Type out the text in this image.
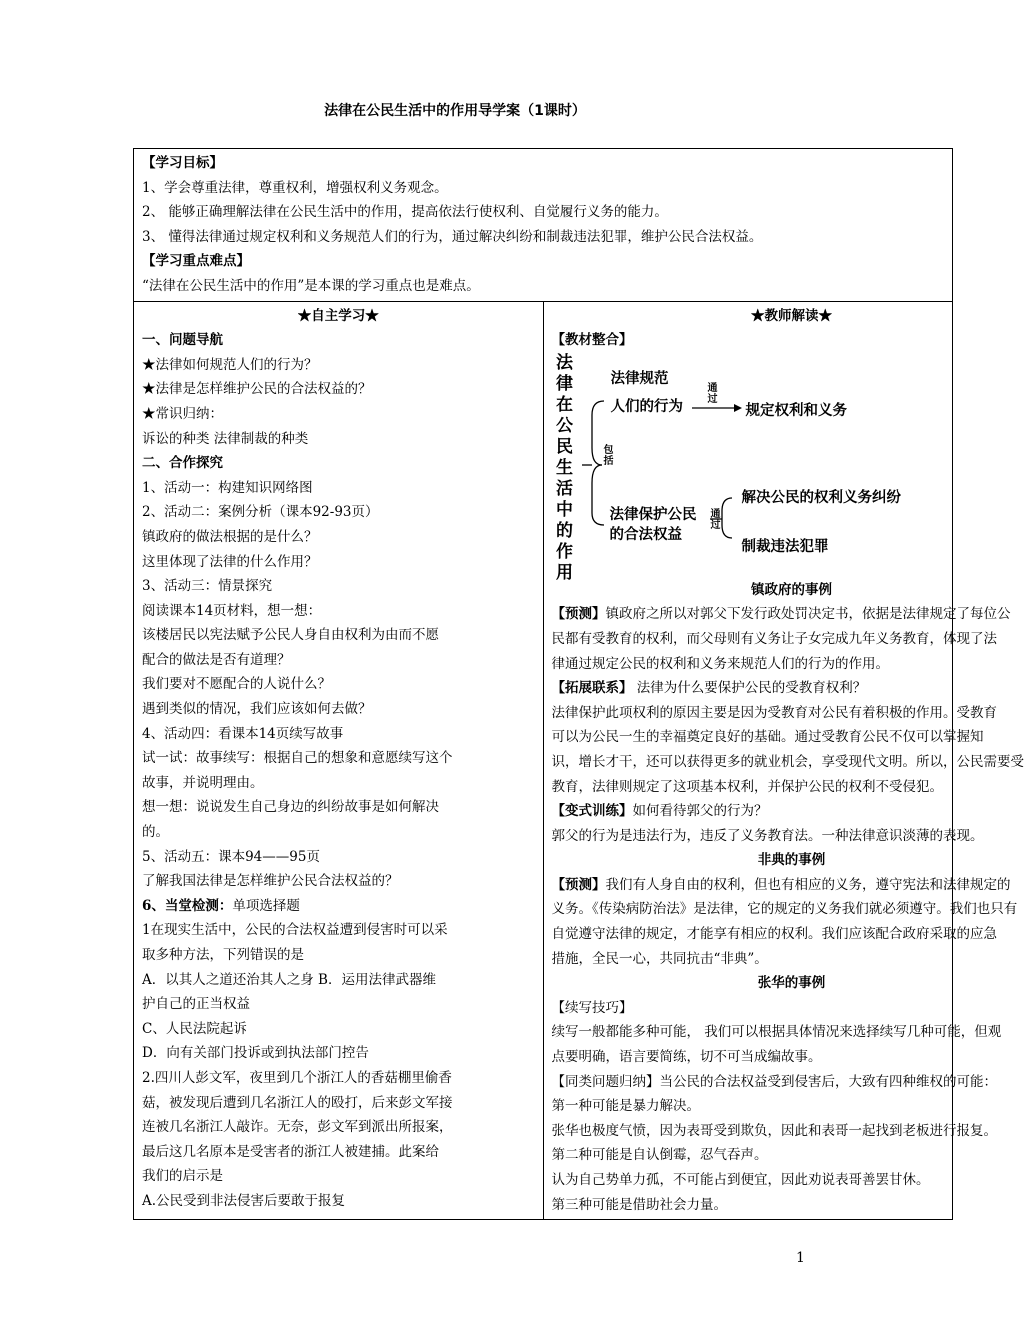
法律在公民生活中的作用导学案（1课时）
【学习目标】
1、学会尊重法律，尊重权利，增强权利义务观念。
2、 能够正确理解法律在公民生活中的作用，提高依法行使权利、自觉履行义务的能力。
3、 懂得法律通过规定权利和义务规范人们的行为，通过解决纠纷和制裁违法犯罪，维护公民合法权益。
【学习重点难点】
“法律在公民生活中的作用”是本课的学习重点也是难点。

★自主学习★
一、问题导航
★法律如何规范人们的行为？
★法律是怎样维护公民的合法权益的？
★常识归纳：
诉讼的种类 法律制裁的种类
二、合作探究
1、活动一：构建知识网络图
2、活动二：案例分析（课本92-93页）
镇政府的做法根据的是什么？
这里体现了法律的什么作用？
3、活动三：情景探究
阅读课本14页材料，想一想：
该楼居民以宪法赋予公民人身自由权利为由而不愿
配合的做法是否有道理？
我们要对不愿配合的人说什么？
遇到类似的情况，我们应该如何去做？
4、活动四：看课本14页续写故事
试一试：故事续写：根据自己的想象和意愿续写这个
故事，并说明理由。
想一想：说说发生自己身边的纠纷故事是如何解决
的。
5、活动五：课本94——95页
了解我国法律是怎样维护公民合法权益的？
6、当堂检测：单项选择题
1在现实生活中，公民的合法权益遭到侵害时可以采
取多种方法，下列错误的是
A．以其人之道还治其人之身 B．运用法律武器维
护自己的正当权益
C、人民法院起诉
D．向有关部门投诉或到执法部门控告
2.四川人彭文军，夜里到几个浙江人的香菇棚里偷香
菇，被发现后遭到几名浙江人的殴打，后来彭文军接
连被几名浙江人敲诈。无奈，彭文军到派出所报案，
最后这几名原本是受害者的浙江人被建捕。此案给
我们的启示是
A.公民受到非法侵害后要敢于报复

★教师解读★
【教材整合】
法
律
在
公
民
生
活
中
的
作
用
包
括
法律规范
人们的行为
通
过
规定权利和义务
法律保护公民
的合法权益
通
过
解决公民的权利义务纠纷
制裁违法犯罪
镇政府的事例
【预测】镇政府之所以对郭父下发行政处罚决定书，依据是法律规定了每位公
民都有受教育的权利，而父母则有义务让子女完成九年义务教育，体现了法
律通过规定公民的权利和义务来规范人们的行为的作用。
【拓展联系】 法律为什么要保护公民的受教育权利？
法律保护此项权利的原因主要是因为受教育对公民有着积极的作用。受教育
可以为公民一生的幸福奠定良好的基础。通过受教育公民不仅可以掌握知
识，增长才干，还可以获得更多的就业机会，享受现代文明。所以，公民需要受
教育，法律则规定了这项基本权利，并保护公民的权利不受侵犯。
【变式训练】如何看待郭父的行为？
郭父的行为是违法行为，违反了义务教育法。一种法律意识淡薄的表现。
非典的事例
【预测】我们有人身自由的权利，但也有相应的义务，遵守宪法和法律规定的
义务。《传染病防治法》是法律，它的规定的义务我们就必须遵守。我们也只有
自觉遵守法律的规定，才能享有相应的权利。我们应该配合政府采取的应急
措施，全民一心，共同抗击“非典”。
张华的事例
【续写技巧】
续写一般都能多种可能， 我们可以根据具体情况来选择续写几种可能，但观
点要明确，语言要简练，切不可当成编故事。
【同类问题归纳】当公民的合法权益受到侵害后，大致有四种维权的可能：
第一种可能是暴力解决。
张华也极度气愤，因为表哥受到欺负，因此和表哥一起找到老板进行报复。
第二种可能是自认倒霉，忍气吞声。
认为自己势单力孤，不可能占到便宜，因此劝说表哥善罢甘休。
第三种可能是借助社会力量。
1
